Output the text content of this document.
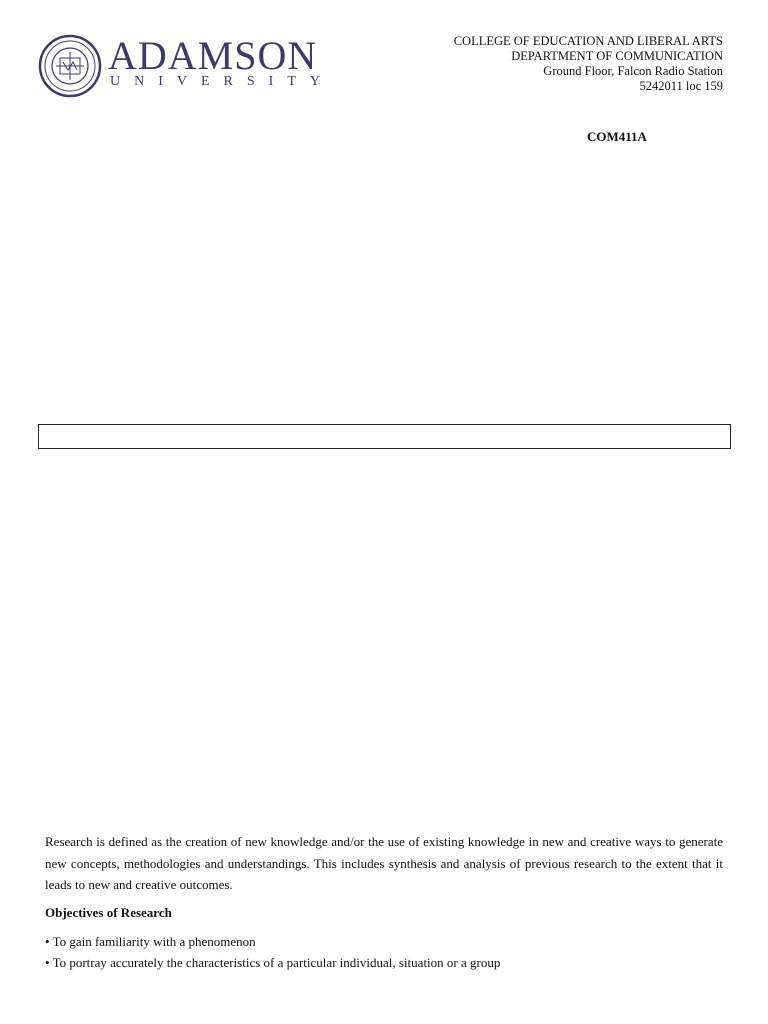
ADAMSON
UNIVERSITY
COLLEGE OF EDUCATION AND LIBERAL ARTS
DEPARTMENT OF COMMUNICATION
Ground Floor, Falcon Radio Station
5242011 loc 159
COM411A

Research is defined as the creation of new knowledge and/or the use of existing knowledge in new and creative ways to generate new concepts, methodologies and understandings. This includes synthesis and analysis of previous research to the extent that it leads to new and creative outcomes.

Objectives of Research
• To gain familiarity with a phenomenon
• To portray accurately the characteristics of a particular individual, situation or a group
